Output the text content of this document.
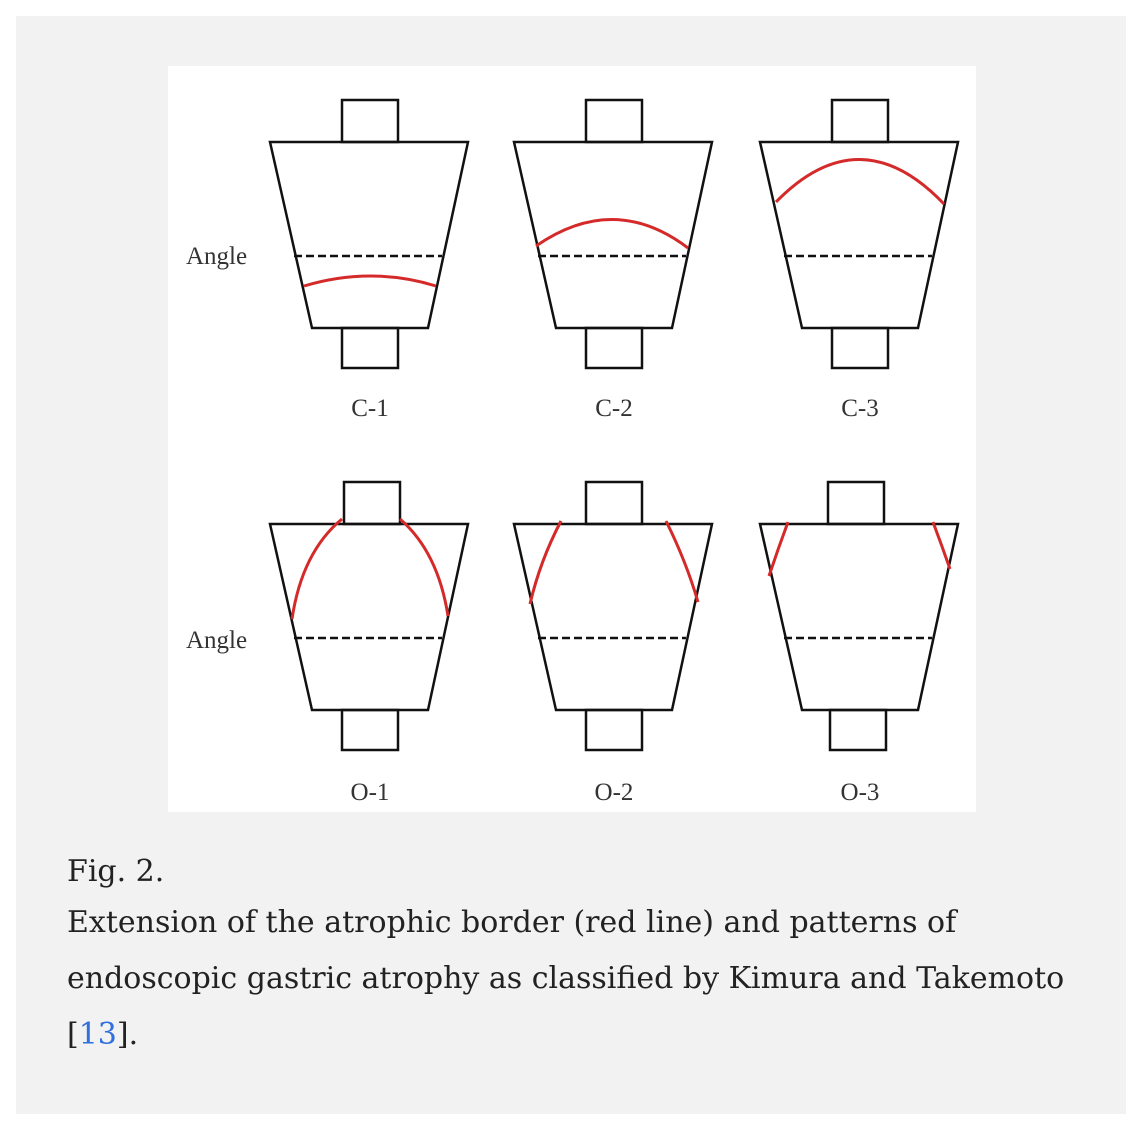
Angle
Angle
C-1	C-2	C-3
O-1	O-2	O-3
Fig. 2.
Extension of the atrophic border (red line) and patterns of endoscopic gastric atrophy as classified by Kimura and Takemoto [13].
